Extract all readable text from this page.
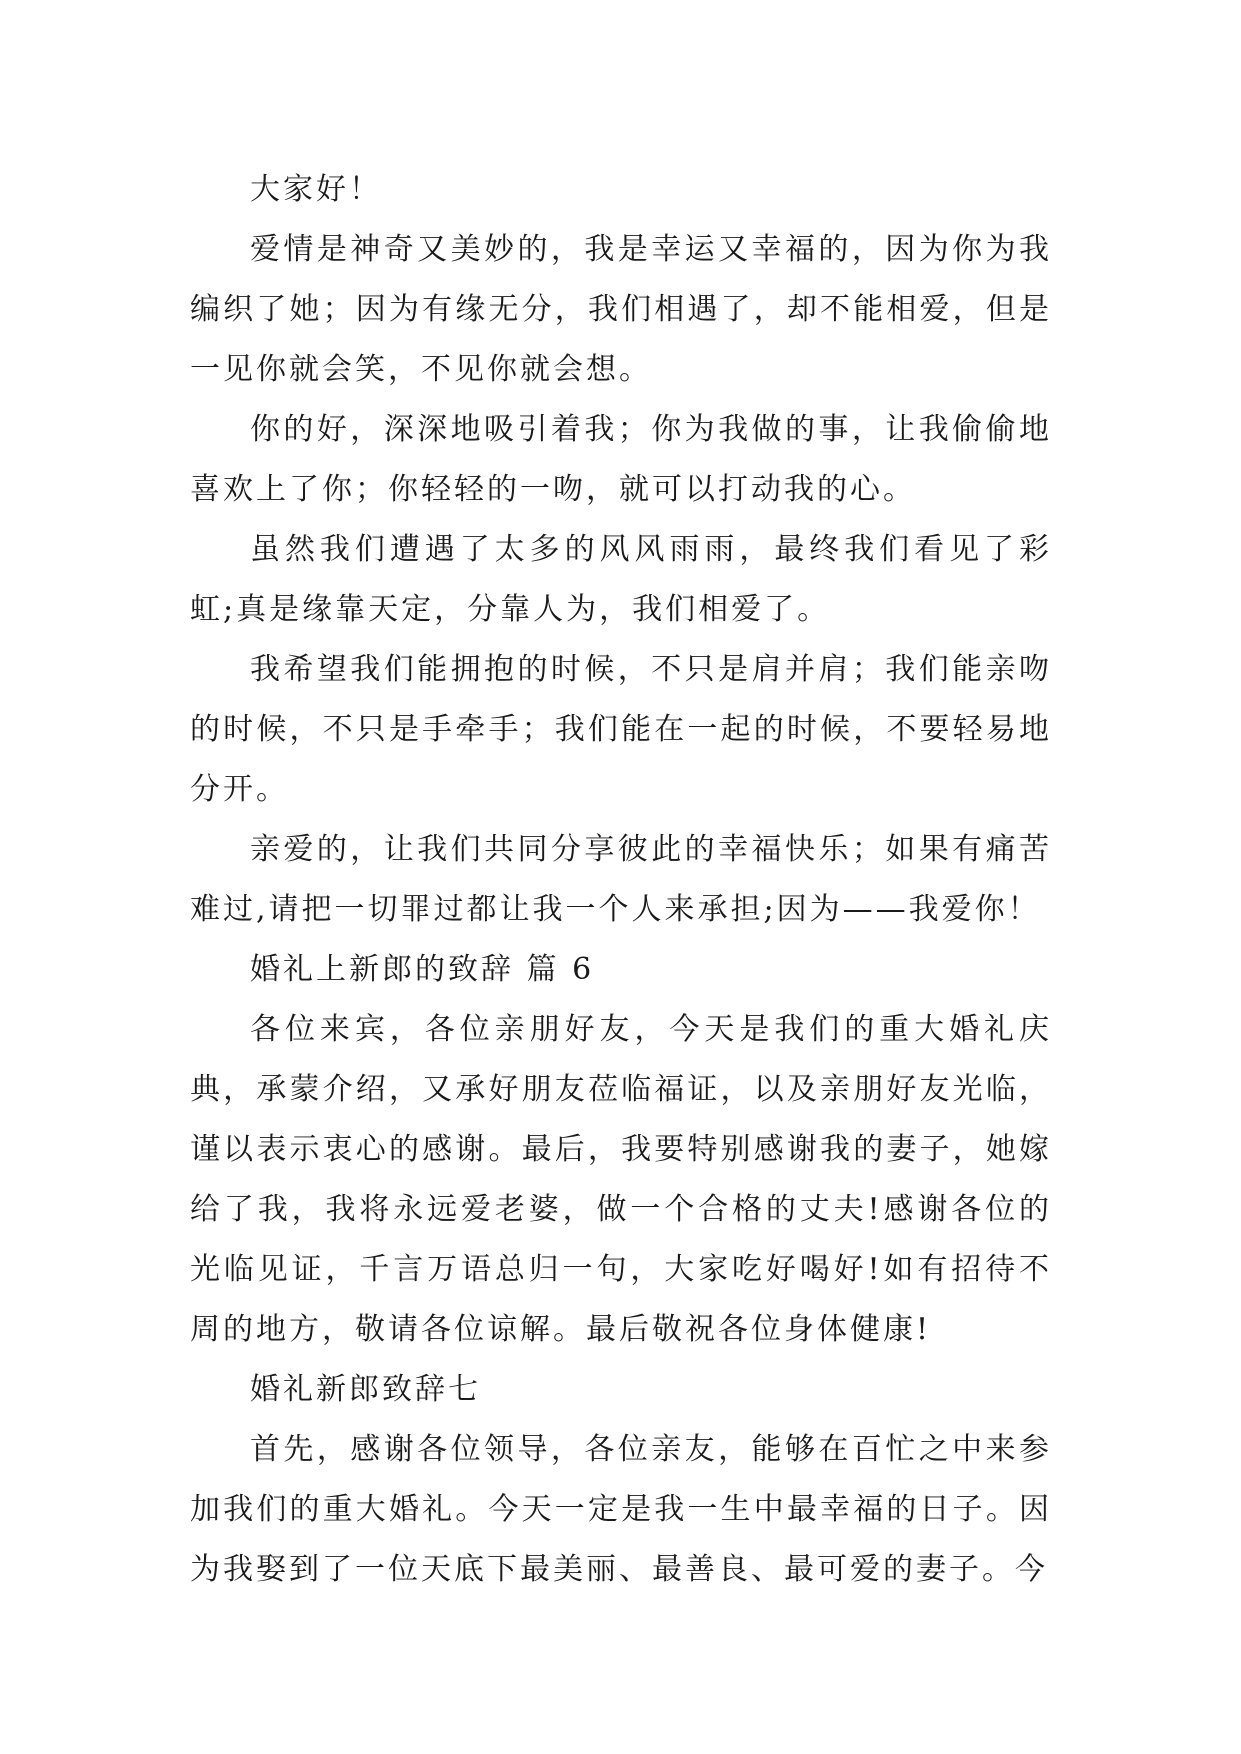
大家好！

爱情是神奇又美妙的，我是幸运又幸福的，因为你为我编织了她；因为有缘无分，我们相遇了，却不能相爱，但是一见你就会笑，不见你就会想。

你的好，深深地吸引着我；你为我做的事，让我偷偷地喜欢上了你；你轻轻的一吻，就可以打动我的心。

虽然我们遭遇了太多的风风雨雨，最终我们看见了彩虹;真是缘靠天定，分靠人为，我们相爱了。

我希望我们能拥抱的时候，不只是肩并肩；我们能亲吻的时候，不只是手牵手；我们能在一起的时候，不要轻易地分开。

亲爱的，让我们共同分享彼此的幸福快乐；如果有痛苦难过,请把一切罪过都让我一个人来承担;因为——我爱你！

婚礼上新郎的致辞 篇 6

各位来宾，各位亲朋好友，今天是我们的重大婚礼庆典，承蒙介绍，又承好朋友莅临福证，以及亲朋好友光临，谨以表示衷心的感谢。最后，我要特别感谢我的妻子，她嫁给了我，我将永远爱老婆，做一个合格的丈夫!感谢各位的光临见证，千言万语总归一句，大家吃好喝好!如有招待不周的地方，敬请各位谅解。最后敬祝各位身体健康!

婚礼新郎致辞七

首先，感谢各位领导，各位亲友，能够在百忙之中来参加我们的重大婚礼。今天一定是我一生中最幸福的日子。因为我娶到了一位天底下最美丽、最善良、最可爱的妻子。今
